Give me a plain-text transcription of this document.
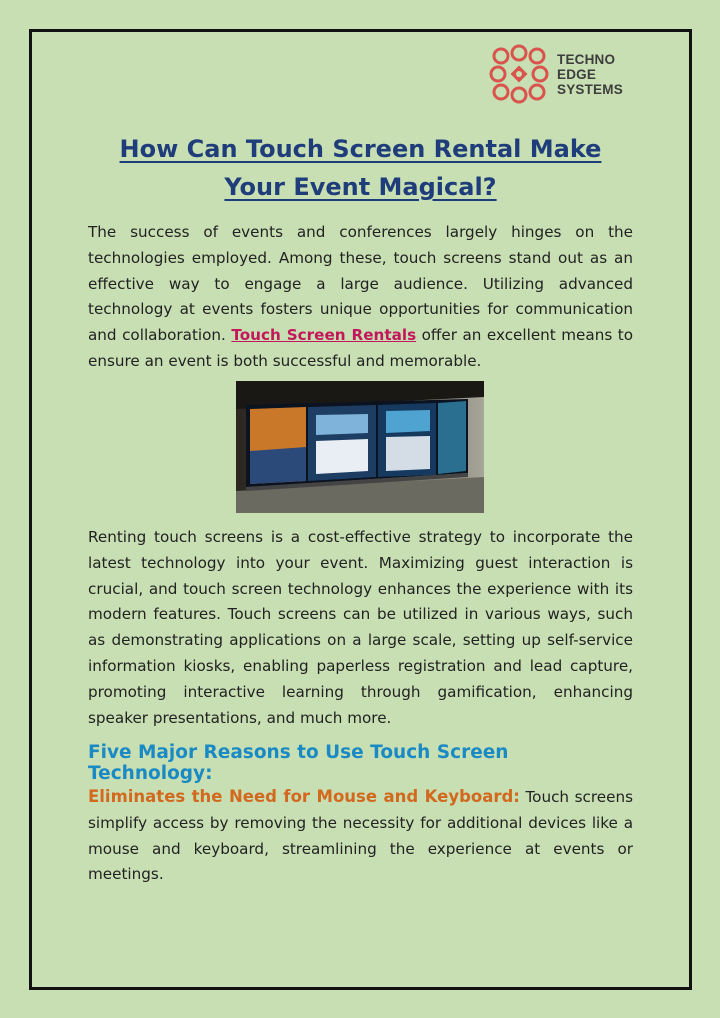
TECHNO
EDGE
SYSTEMS
How Can Touch Screen Rental Make Your Event Magical?

The success of events and conferences largely hinges on the technologies employed. Among these, touch screens stand out as an effective way to engage a large audience. Utilizing advanced technology at events fosters unique opportunities for communication and collaboration. Touch Screen Rentals offer an excellent means to ensure an event is both successful and memorable.

Renting touch screens is a cost-effective strategy to incorporate the latest technology into your event. Maximizing guest interaction is crucial, and touch screen technology enhances the experience with its modern features. Touch screens can be utilized in various ways, such as demonstrating applications on a large scale, setting up self-service information kiosks, enabling paperless registration and lead capture, promoting interactive learning through gamification, enhancing speaker presentations, and much more.

Five Major Reasons to Use Touch Screen Technology:

Eliminates the Need for Mouse and Keyboard: Touch screens simplify access by removing the necessity for additional devices like a mouse and keyboard, streamlining the experience at events or meetings.
